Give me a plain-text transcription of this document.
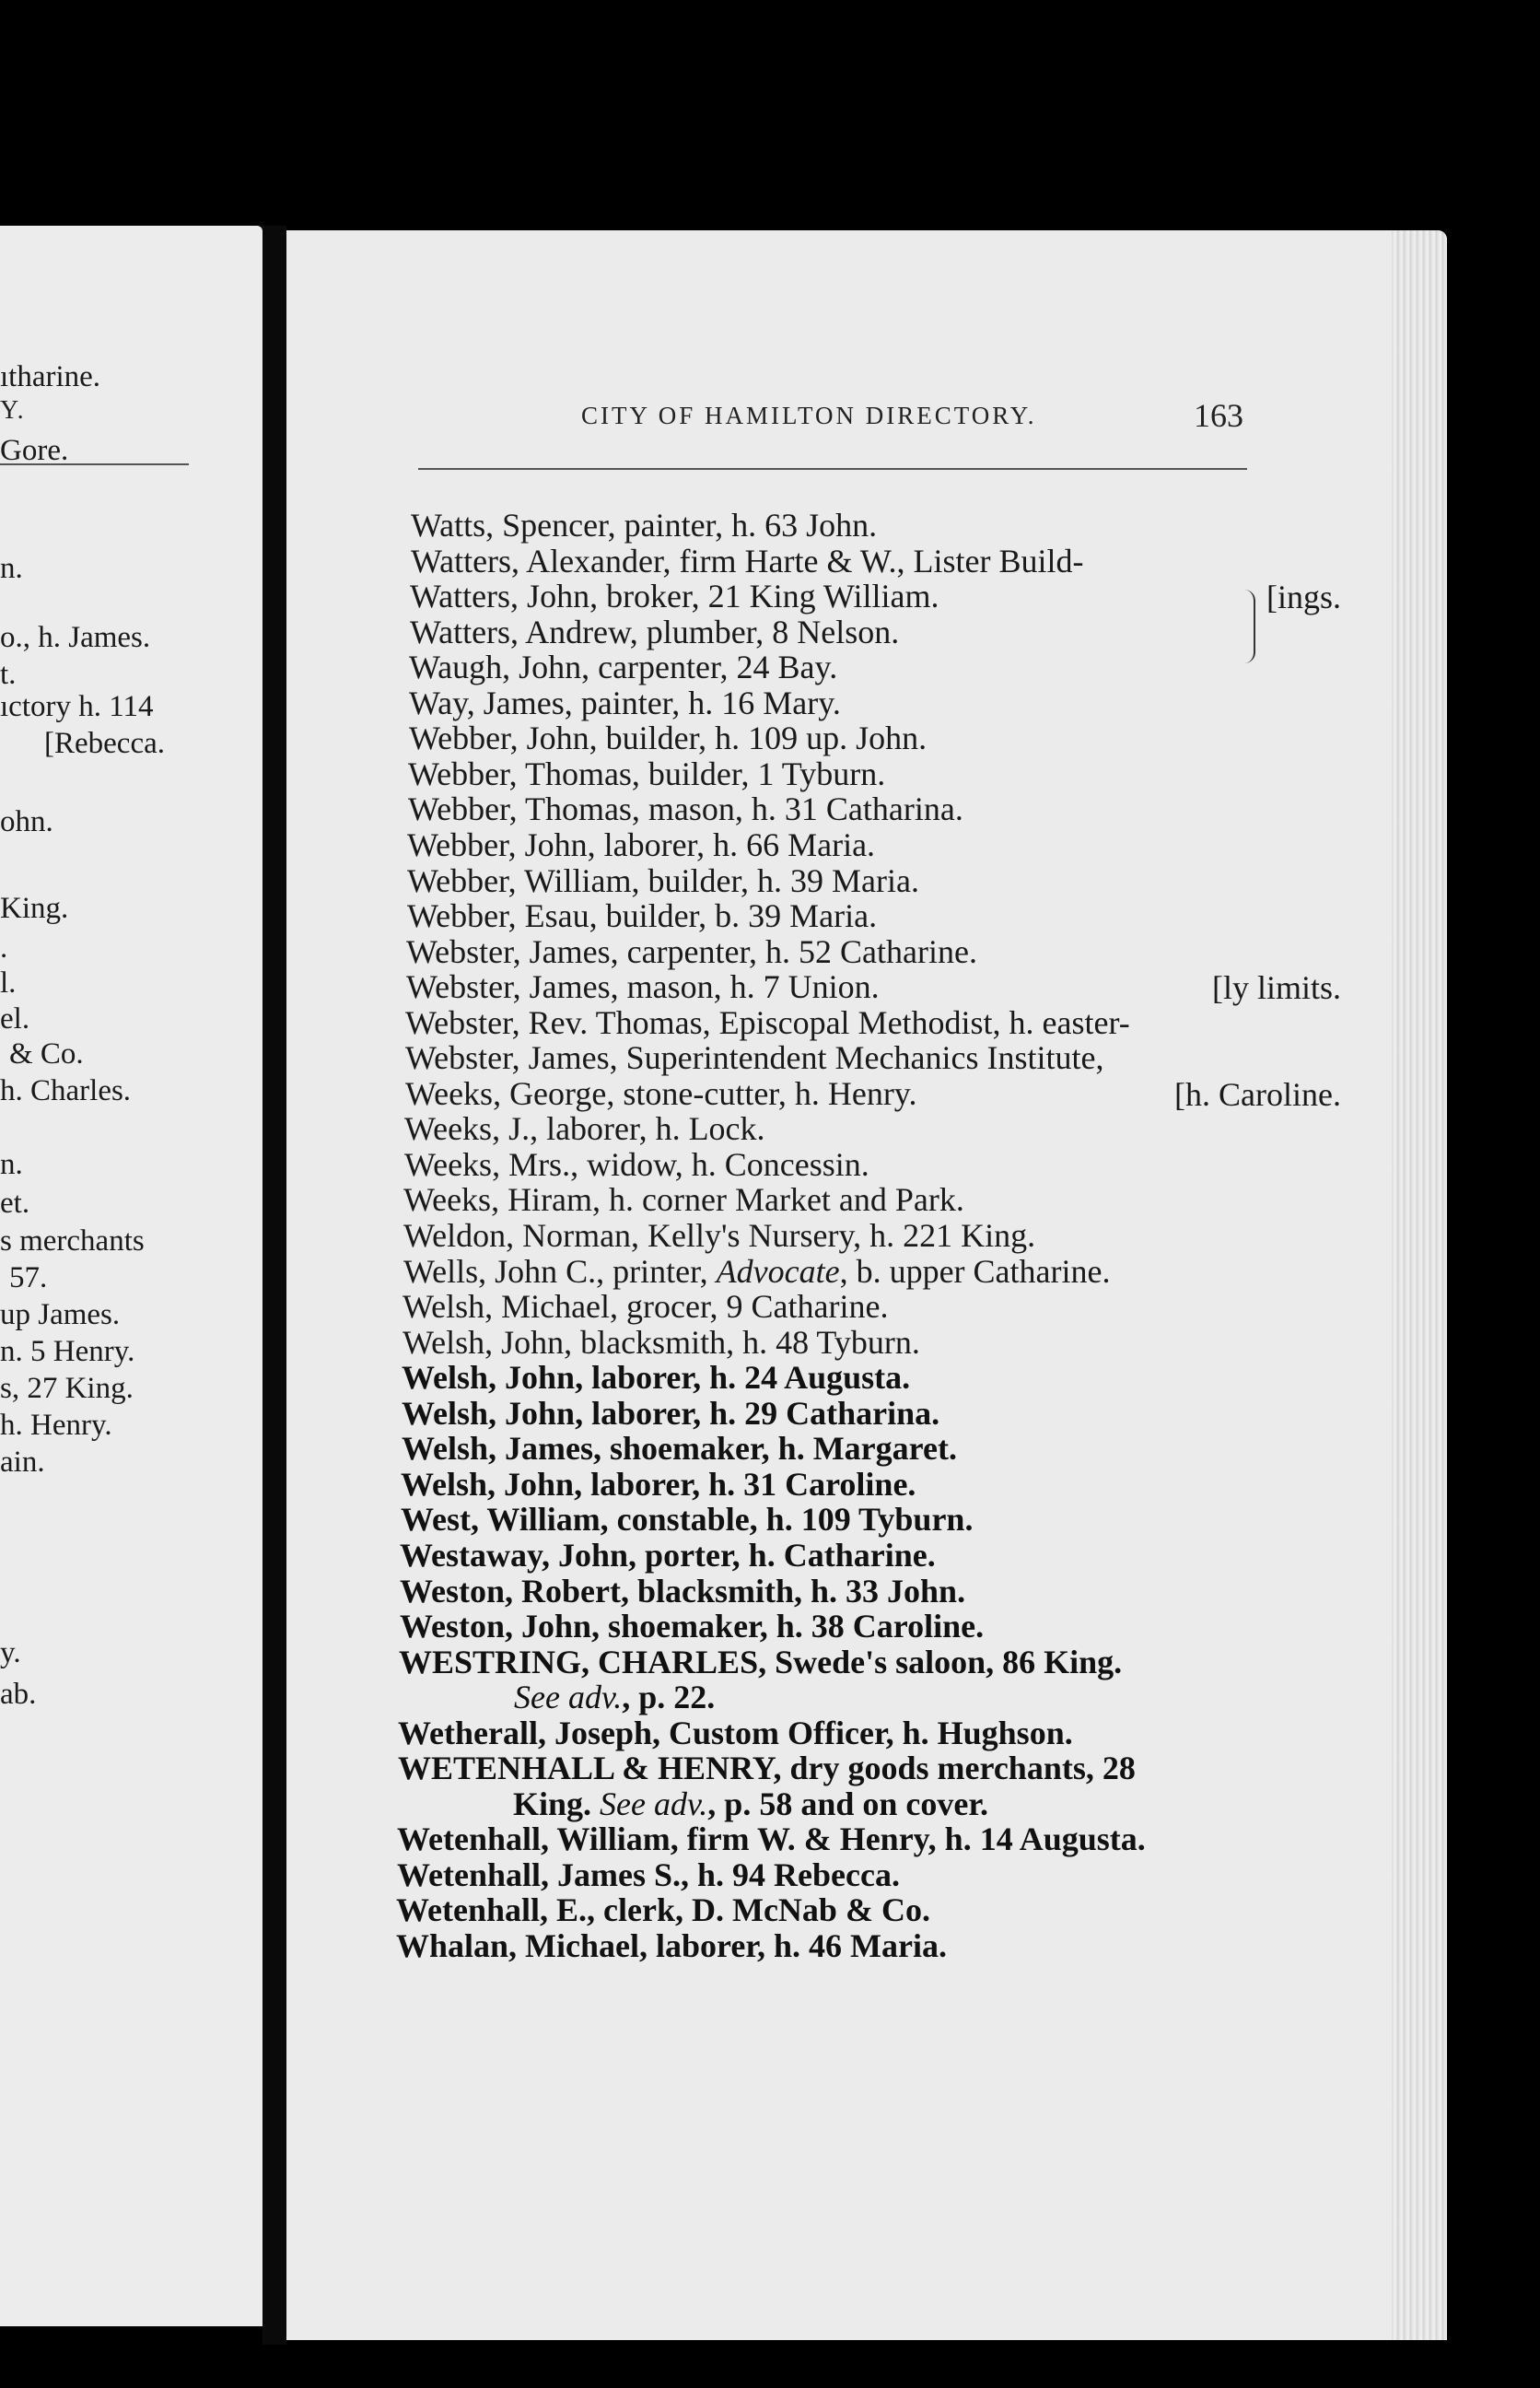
Y.
ıtharine.
Gore.
n.
o., h. James.
t.
ıctory h. 114
[Rebecca.
ohn.
King.
.
l.
el.
& Co.
h. Charles.
n.
et.
s merchants
57.
up James.
n. 5 Henry.
s, 27 King.
h. Henry.
ain.
y.
ab.
CITY OF HAMILTON DIRECTORY.	163
Watts, Spencer, painter, h. 63 John.
Watters, Alexander, firm Harte & W., Lister Build-
Watters, John, broker, 21 King William.	[ings.
Watters, Andrew, plumber, 8 Nelson.
Waugh, John, carpenter, 24 Bay.
Way, James, painter, h. 16 Mary.
Webber, John, builder, h. 109 up. John.
Webber, Thomas, builder, 1 Tyburn.
Webber, Thomas, mason, h. 31 Catharina.
Webber, John, laborer, h. 66 Maria.
Webber, William, builder, h. 39 Maria.
Webber, Esau, builder, b. 39 Maria.
Webster, James, carpenter, h. 52 Catharine.
Webster, James, mason, h. 7 Union.	[ly limits.
Webster, Rev. Thomas, Episcopal Methodist, h. easter-
Webster, James, Superintendent Mechanics Institute,
Weeks, George, stone-cutter, h. Henry.	[h. Caroline.
Weeks, J., laborer, h. Lock.
Weeks, Mrs., widow, h. Concessin.
Weeks, Hiram, h. corner Market and Park.
Weldon, Norman, Kelly's Nursery, h. 221 King.
Wells, John C., printer, Advocate, b. upper Catharine.
Welsh, Michael, grocer, 9 Catharine.
Welsh, John, blacksmith, h. 48 Tyburn.
Welsh, John, laborer, h. 24 Augusta.
Welsh, John, laborer, h. 29 Catharina.
Welsh, James, shoemaker, h. Margaret.
Welsh, John, laborer, h. 31 Caroline.
West, William, constable, h. 109 Tyburn.
Westaway, John, porter, h. Catharine.
Weston, Robert, blacksmith, h. 33 John.
Weston, John, shoemaker, h. 38 Caroline.
WESTRING, CHARLES, Swede's saloon, 86 King.
See adv., p. 22.
Wetherall, Joseph, Custom Officer, h. Hughson.
WETENHALL & HENRY, dry goods merchants, 28
King. See adv., p. 58 and on cover.
Wetenhall, William, firm W. & Henry, h. 14 Augusta.
Wetenhall, James S., h. 94 Rebecca.
Wetenhall, E., clerk, D. McNab & Co.
Whalan, Michael, laborer, h. 46 Maria.
